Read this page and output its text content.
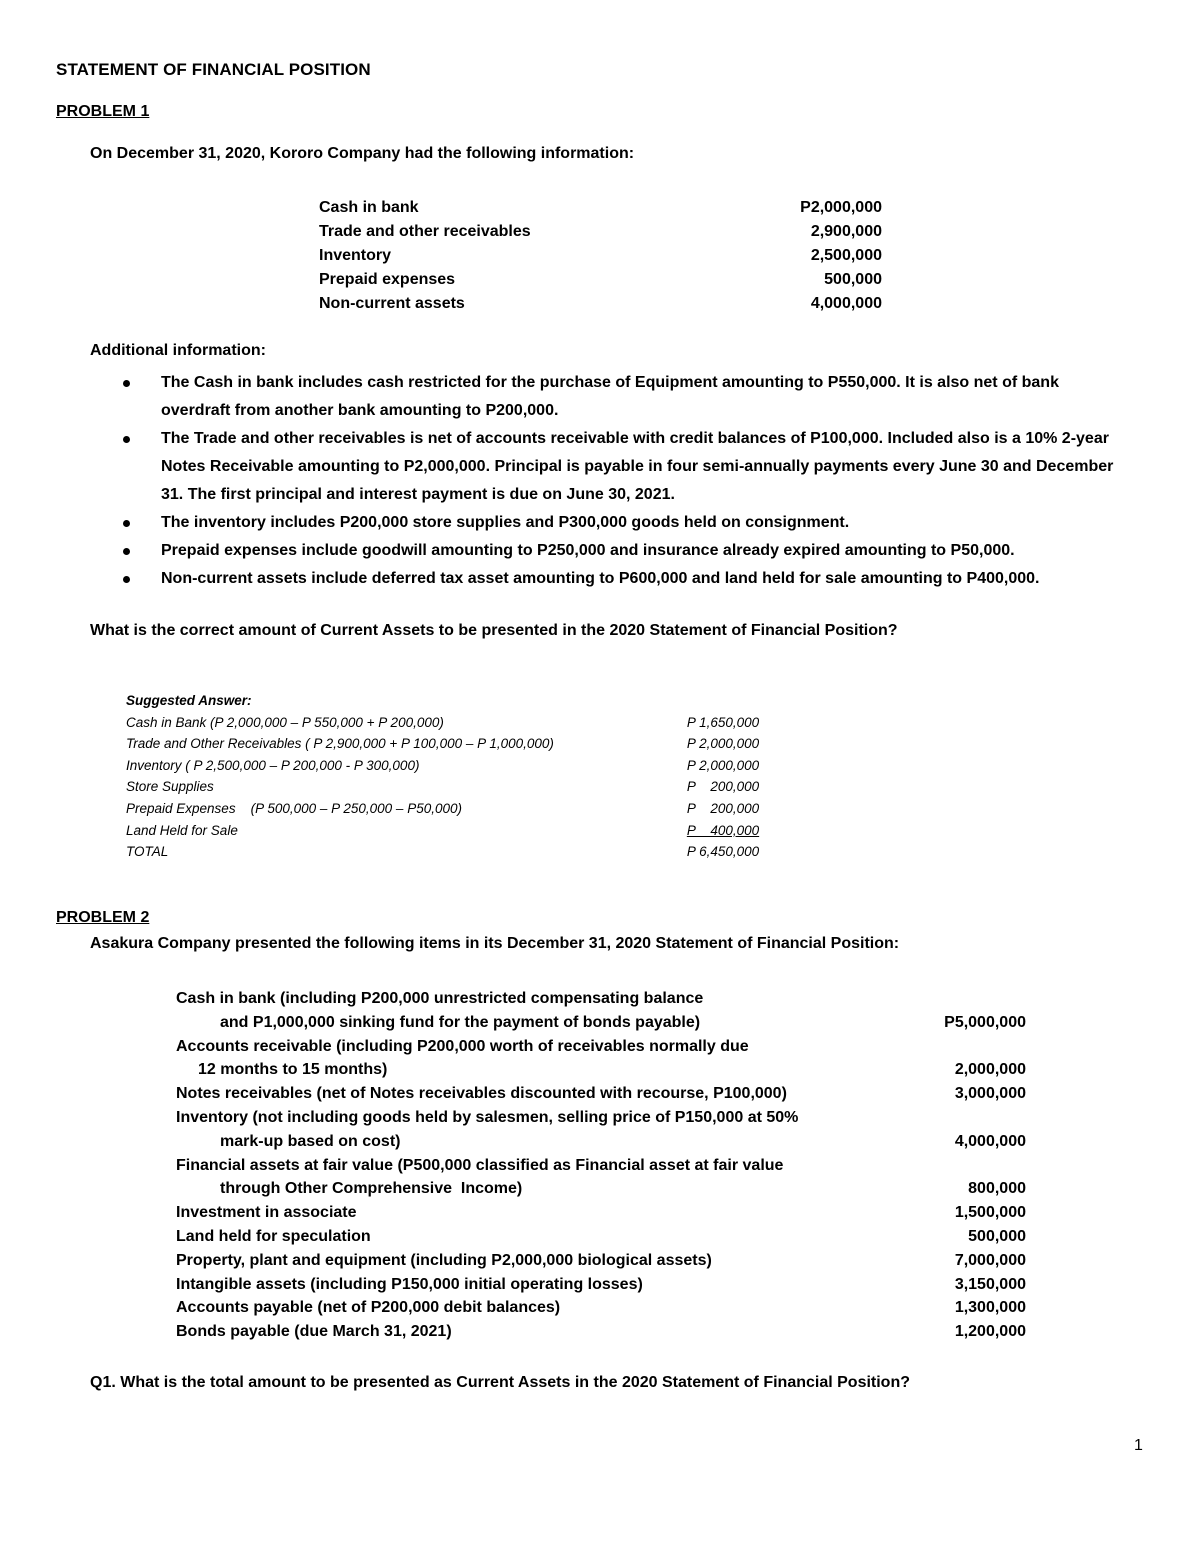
STATEMENT OF FINANCIAL POSITION
PROBLEM 1
On December 31, 2020, Kororo Company had the following information:
Cash in bank	P2,000,000
Trade and other receivables	2,900,000
Inventory	2,500,000
Prepaid expenses	500,000
Non-current assets	4,000,000
Additional information:
The Cash in bank includes cash restricted for the purchase of Equipment amounting to P550,000. It is also net of bank overdraft from another bank amounting to P200,000.
The Trade and other receivables is net of accounts receivable with credit balances of P100,000. Included also is a 10% 2-year Notes Receivable amounting to P2,000,000. Principal is payable in four semi-annually payments every June 30 and December 31. The first principal and interest payment is due on June 30, 2021.
The inventory includes P200,000 store supplies and P300,000 goods held on consignment.
Prepaid expenses include goodwill amounting to P250,000 and insurance already expired amounting to P50,000.
Non-current assets include deferred tax asset amounting to P600,000 and land held for sale amounting to P400,000.
What is the correct amount of Current Assets to be presented in the 2020 Statement of Financial Position?
Suggested Answer:
Cash in Bank (P 2,000,000 – P 550,000 + P 200,000)	P 1,650,000
Trade and Other Receivables ( P 2,900,000 + P 100,000 – P 1,000,000)	P 2,000,000
Inventory ( P 2,500,000 – P 200,000 - P 300,000)	P 2,000,000
Store Supplies	P    200,000
Prepaid Expenses    (P 500,000 – P 250,000 – P50,000)	P    200,000
Land Held for Sale	P    400,000
TOTAL	P 6,450,000
PROBLEM 2
Asakura Company presented the following items in its December 31, 2020 Statement of Financial Position:
Cash in bank (including P200,000 unrestricted compensating balance
and P1,000,000 sinking fund for the payment of bonds payable)	P5,000,000
Accounts receivable (including P200,000 worth of receivables normally due
12 months to 15 months)	2,000,000
Notes receivables (net of Notes receivables discounted with recourse, P100,000)	3,000,000
Inventory (not including goods held by salesmen, selling price of P150,000 at 50%
mark-up based on cost)	4,000,000
Financial assets at fair value (P500,000 classified as Financial asset at fair value
through Other Comprehensive  Income)	800,000
Investment in associate	1,500,000
Land held for speculation	500,000
Property, plant and equipment (including P2,000,000 biological assets)	7,000,000
Intangible assets (including P150,000 initial operating losses)	3,150,000
Accounts payable (net of P200,000 debit balances)	1,300,000
Bonds payable (due March 31, 2021)	1,200,000
Q1. What is the total amount to be presented as Current Assets in the 2020 Statement of Financial Position?
1
